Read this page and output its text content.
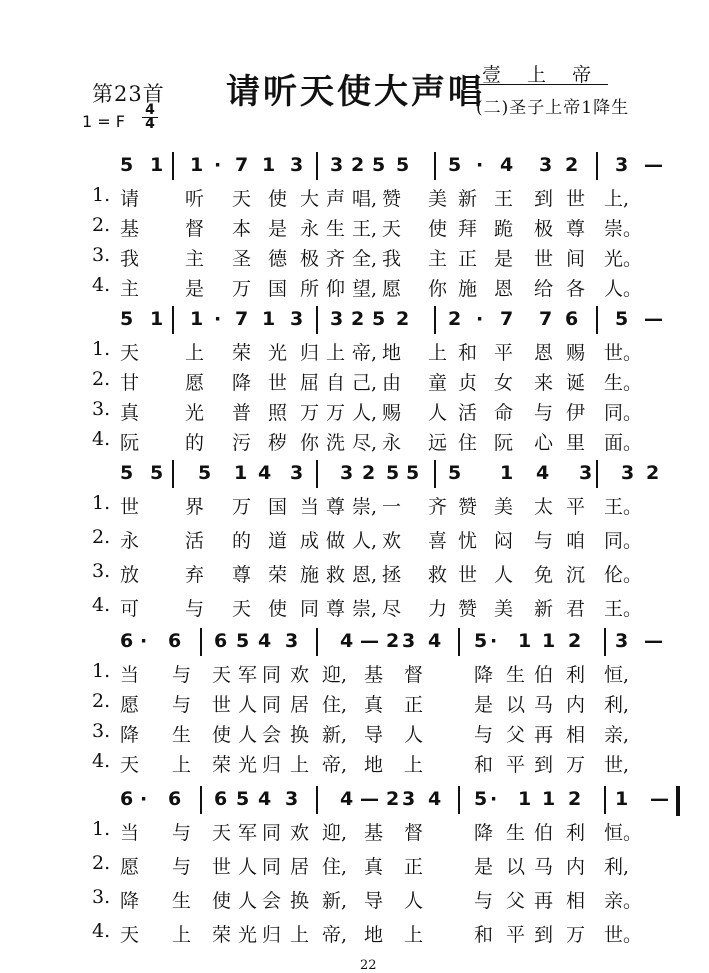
第23首 请听天使大声唱
壹 上 帝
(二)圣子上帝1降生
1 = F $\frac{4}{4}$
5 1 1 · 7 1 3 3 2 5 5 5 · 4 3 2 3 —
1. 请 听 天 使 大 声 唱, 赞 美 新 王 到 世 上,
2. 基 督 本 是 永 生 王, 天 使 拜 跪 极 尊 崇。
3. 我 主 圣 德 极 齐 全, 我 主 正 是 世 间 光。
4. 主 是 万 国 所 仰 望, 愿 你 施 恩 给 各 人。
5 1 1 · 7 1 3 3 2 5 2 2 · 7 7 6 5 —
1. 天 上 荣 光 归 上 帝, 地 上 和 平 恩 赐 世。
2. 甘 愿 降 世 屈 自 己, 由 童 贞 女 来 诞 生。
3. 真 光 普 照 万 万 人, 赐 人 活 命 与 伊 同。
4. 阮 的 污 秽 你 洗 尽, 永 远 住 阮 心 里 面。
5 5 5 1 4 3 3 2 5 5 5 1 4 3 3 2
1. 世 界 万 国 当 尊 崇, 一 齐 赞 美 太 平 王。
2. 永 活 的 道 成 做 人, 欢 喜 忧 闷 与 咱 同。
3. 放 弃 尊 荣 施 救 恩, 拯 救 世 人 免 沉 伦。
4. 可 与 天 使 同 尊 崇, 尽 力 赞 美 新 君 王。
6 · 6 6 5 4 3 4 — 2 3 4 5 · 1 1 2 3 —
1. 当 与 天 军 同 欢 迎, 基 督	降 生 伯 利 恒,
2. 愿 与 世 人 同 居 住, 真 正	是 以 马 内 利,
3. 降 生 使 人 会 换 新, 导 人	与 父 再 相 亲,
4. 天 上 荣 光 归 上 帝, 地 上	和 平 到 万 世,
6 · 6 6 5 4 3 4 — 2 3 4 5 · 1 1 2 1 —
1. 当 与 天 军 同 欢 迎, 基 督	降 生 伯 利 恒。
2. 愿 与 世 人 同 居 住, 真 正	是 以 马 内 利,
3. 降 生 使 人 会 换 新, 导 人	与 父 再 相 亲。
4. 天 上 荣 光 归 上 帝, 地 上	和 平 到 万 世。
22
